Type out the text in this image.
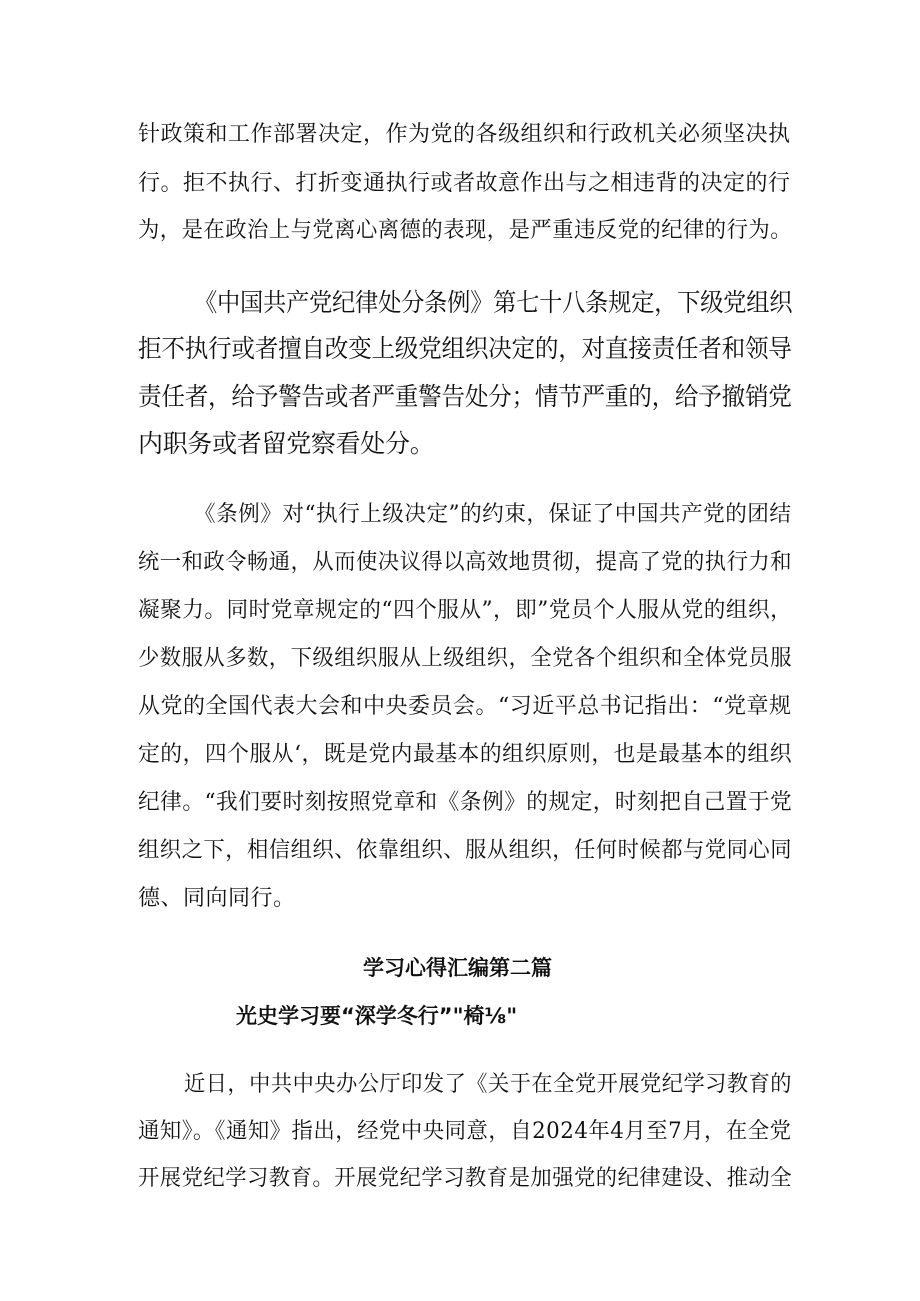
针政策和工作部署决定，作为党的各级组织和行政机关必须坚决执
行。拒不执行、打折变通执行或者故意作出与之相违背的决定的行
为，是在政治上与党离心离德的表现，是严重违反党的纪律的行为。
《中国共产党纪律处分条例》第七十八条规定，下级党组织
拒不执行或者擅自改变上级党组织决定的，对直接责任者和领导
责任者，给予警告或者严重警告处分；情节严重的，给予撤销党
内职务或者留党察看处分。
《条例》对“执行上级决定”的约束，保证了中国共产党的团结
统一和政令畅通，从而使决议得以高效地贯彻，提高了党的执行力和
凝聚力。同时党章规定的“四个服从”，即”党员个人服从党的组织，
少数服从多数，下级组织服从上级组织，全党各个组织和全体党员服
从党的全国代表大会和中央委员会。“习近平总书记指出：“党章规
定的，四个服从‘，既是党内最基本的组织原则，也是最基本的组织
纪律。“我们要时刻按照党章和《条例》的规定，时刻把自己置于党
组织之下，相信组织、依靠组织、服从组织，任何时候都与党同心同
德、同向同行。
学习心得汇编第二篇
光史学习要“深学冬行”"椅⅛"
近日，中共中央办公厅印发了《关于在全党开展党纪学习教育的
通知》。《通知》指出，经党中央同意，自2024年4月至7月，在全党
开展党纪学习教育。开展党纪学习教育是加强党的纪律建设、推动全
